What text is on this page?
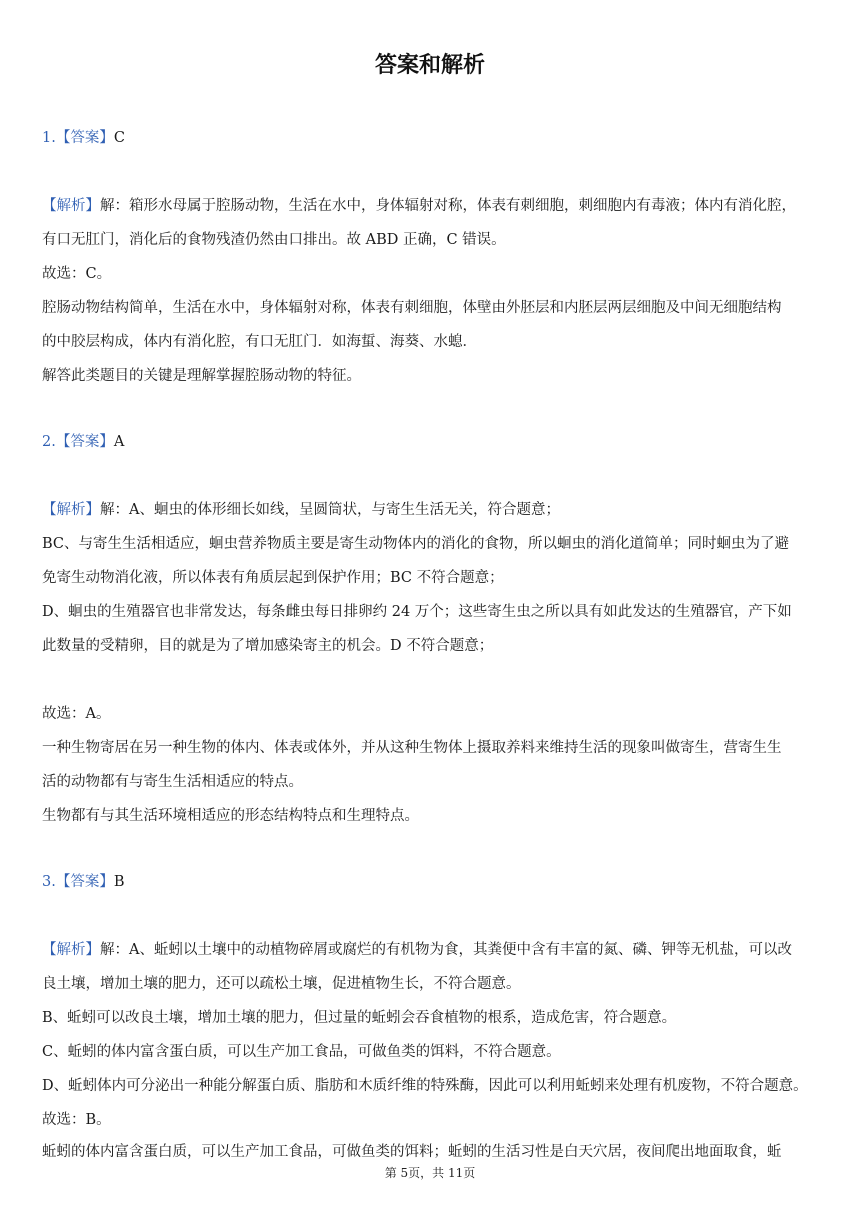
答案和解析
1.【答案】C
【解析】解：箱形水母属于腔肠动物，生活在水中，身体辐射对称，体表有刺细胞，刺细胞内有毒液；体内有消化腔，
有口无肛门，消化后的食物残渣仍然由口排出。故 ABD 正确，C 错误。
故选：C。
腔肠动物结构简单，生活在水中，身体辐射对称，体表有刺细胞，体壁由外胚层和内胚层两层细胞及中间无细胞结构
的中胶层构成，体内有消化腔，有口无肛门．如海蜇、海葵、水螅．
解答此类题目的关键是理解掌握腔肠动物的特征。
2.【答案】A
【解析】解：A、蛔虫的体形细长如线，呈圆筒状，与寄生生活无关，符合题意；
BC、与寄生生活相适应，蛔虫营养物质主要是寄生动物体内的消化的食物，所以蛔虫的消化道简单；同时蛔虫为了避
免寄生动物消化液，所以体表有角质层起到保护作用；BC 不符合题意；
D、蛔虫的生殖器官也非常发达，每条雌虫每日排卵约 24 万个；这些寄生虫之所以具有如此发达的生殖器官，产下如
此数量的受精卵，目的就是为了增加感染寄主的机会。D 不符合题意；
故选：A。
一种生物寄居在另一种生物的体内、体表或体外，并从这种生物体上摄取养料来维持生活的现象叫做寄生，营寄生生
活的动物都有与寄生生活相适应的特点。
生物都有与其生活环境相适应的形态结构特点和生理特点。
3.【答案】B
【解析】解：A、蚯蚓以土壤中的动植物碎屑或腐烂的有机物为食，其粪便中含有丰富的氮、磷、钾等无机盐，可以改
良土壤，增加土壤的肥力，还可以疏松土壤，促进植物生长，不符合题意。
B、蚯蚓可以改良土壤，增加土壤的肥力，但过量的蚯蚓会吞食植物的根系，造成危害，符合题意。
C、蚯蚓的体内富含蛋白质，可以生产加工食品，可做鱼类的饵料，不符合题意。
D、蚯蚓体内可分泌出一种能分解蛋白质、脂肪和木质纤维的特殊酶，因此可以利用蚯蚓来处理有机废物，不符合题意。
故选：B。
蚯蚓的体内富含蛋白质，可以生产加工食品，可做鱼类的饵料；蚯蚓的生活习性是白天穴居，夜间爬出地面取食，蚯
第 5页，共 11页
